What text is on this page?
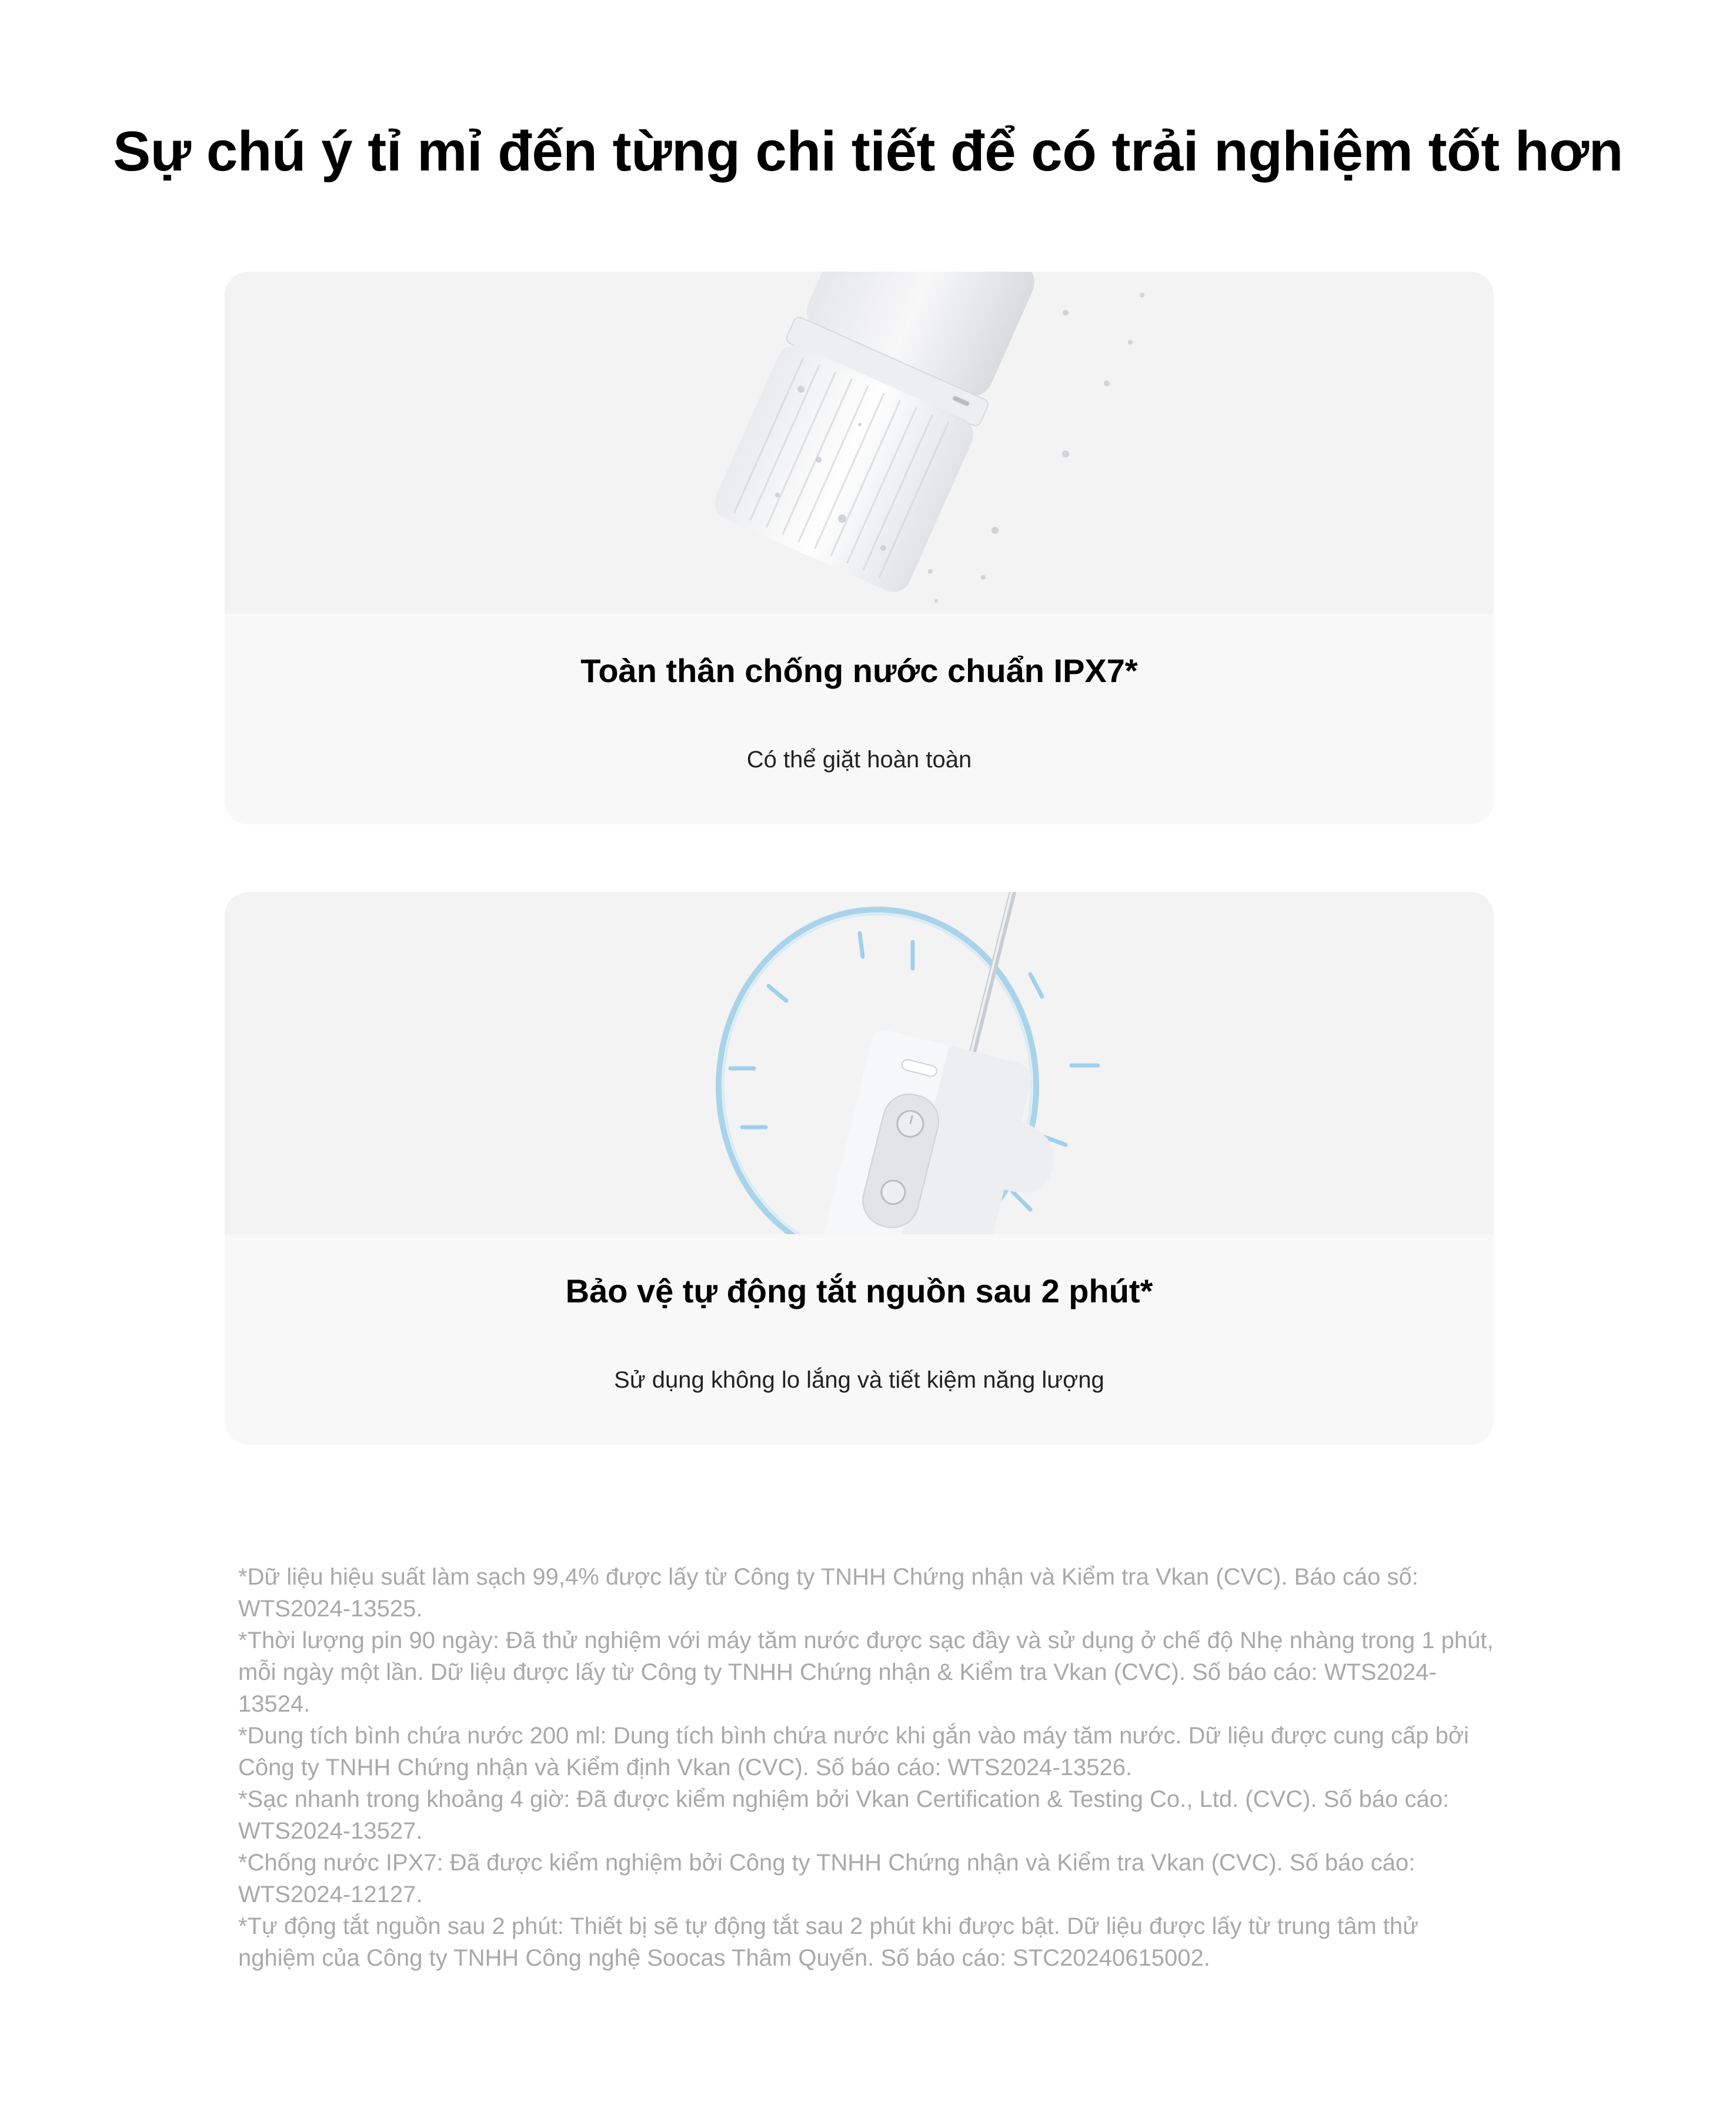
Sự chú ý tỉ mỉ đến từng chi tiết để có trải nghiệm tốt hơn
Toàn thân chống nước chuẩn IPX7*
Có thể giặt hoàn toàn
Bảo vệ tự động tắt nguồn sau 2 phút*
Sử dụng không lo lắng và tiết kiệm năng lượng

*Dữ liệu hiệu suất làm sạch 99,4% được lấy từ Công ty TNHH Chứng nhận và Kiểm tra Vkan (CVC). Báo cáo số: WTS2024-13525.

*Thời lượng pin 90 ngày: Đã thử nghiệm với máy tăm nước được sạc đầy và sử dụng ở chế độ Nhẹ nhàng trong 1 phút, mỗi ngày một lần. Dữ liệu được lấy từ Công ty TNHH Chứng nhận & Kiểm tra Vkan (CVC). Số báo cáo: WTS2024-13524.

*Dung tích bình chứa nước 200 ml: Dung tích bình chứa nước khi gắn vào máy tăm nước. Dữ liệu được cung cấp bởi Công ty TNHH Chứng nhận và Kiểm định Vkan (CVC). Số báo cáo: WTS2024-13526.

*Sạc nhanh trong khoảng 4 giờ: Đã được kiểm nghiệm bởi Vkan Certification & Testing Co., Ltd. (CVC). Số báo cáo: WTS2024-13527.

*Chống nước IPX7: Đã được kiểm nghiệm bởi Công ty TNHH Chứng nhận và Kiểm tra Vkan (CVC). Số báo cáo: WTS2024-12127.

*Tự động tắt nguồn sau 2 phút: Thiết bị sẽ tự động tắt sau 2 phút khi được bật. Dữ liệu được lấy từ trung tâm thử nghiệm của Công ty TNHH Công nghệ Soocas Thâm Quyến. Số báo cáo: STC20240615002.
